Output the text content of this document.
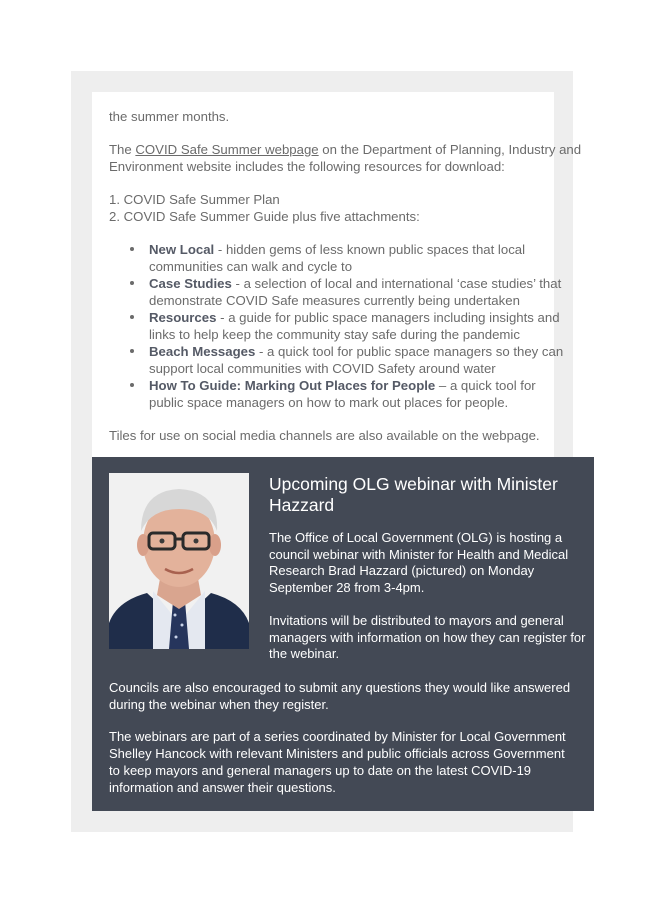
the summer months.

The COVID Safe Summer webpage on the Department of Planning, Industry and Environment website includes the following resources for download:

1. COVID Safe Summer Plan
2. COVID Safe Summer Guide plus five attachments:
New Local - hidden gems of less known public spaces that local communities can walk and cycle to
Case Studies - a selection of local and international ‘case studies’ that demonstrate COVID Safe measures currently being undertaken
Resources - a guide for public space managers including insights and links to help keep the community stay safe during the pandemic
Beach Messages - a quick tool for public space managers so they can support local communities with COVID Safety around water
How To Guide: Marking Out Places for People – a quick tool for public space managers on how to mark out places for people.

Tiles for use on social media channels are also available on the webpage.

Upcoming OLG webinar with Minister Hazzard

The Office of Local Government (OLG) is hosting a council webinar with Minister for Health and Medical Research Brad Hazzard (pictured) on Monday September 28 from 3-4pm.

Invitations will be distributed to mayors and general managers with information on how they can register for the webinar.

Councils are also encouraged to submit any questions they would like answered during the webinar when they register.

The webinars are part of a series coordinated by Minister for Local Government Shelley Hancock with relevant Ministers and public officials across Government to keep mayors and general managers up to date on the latest COVID-19 information and answer their questions.
